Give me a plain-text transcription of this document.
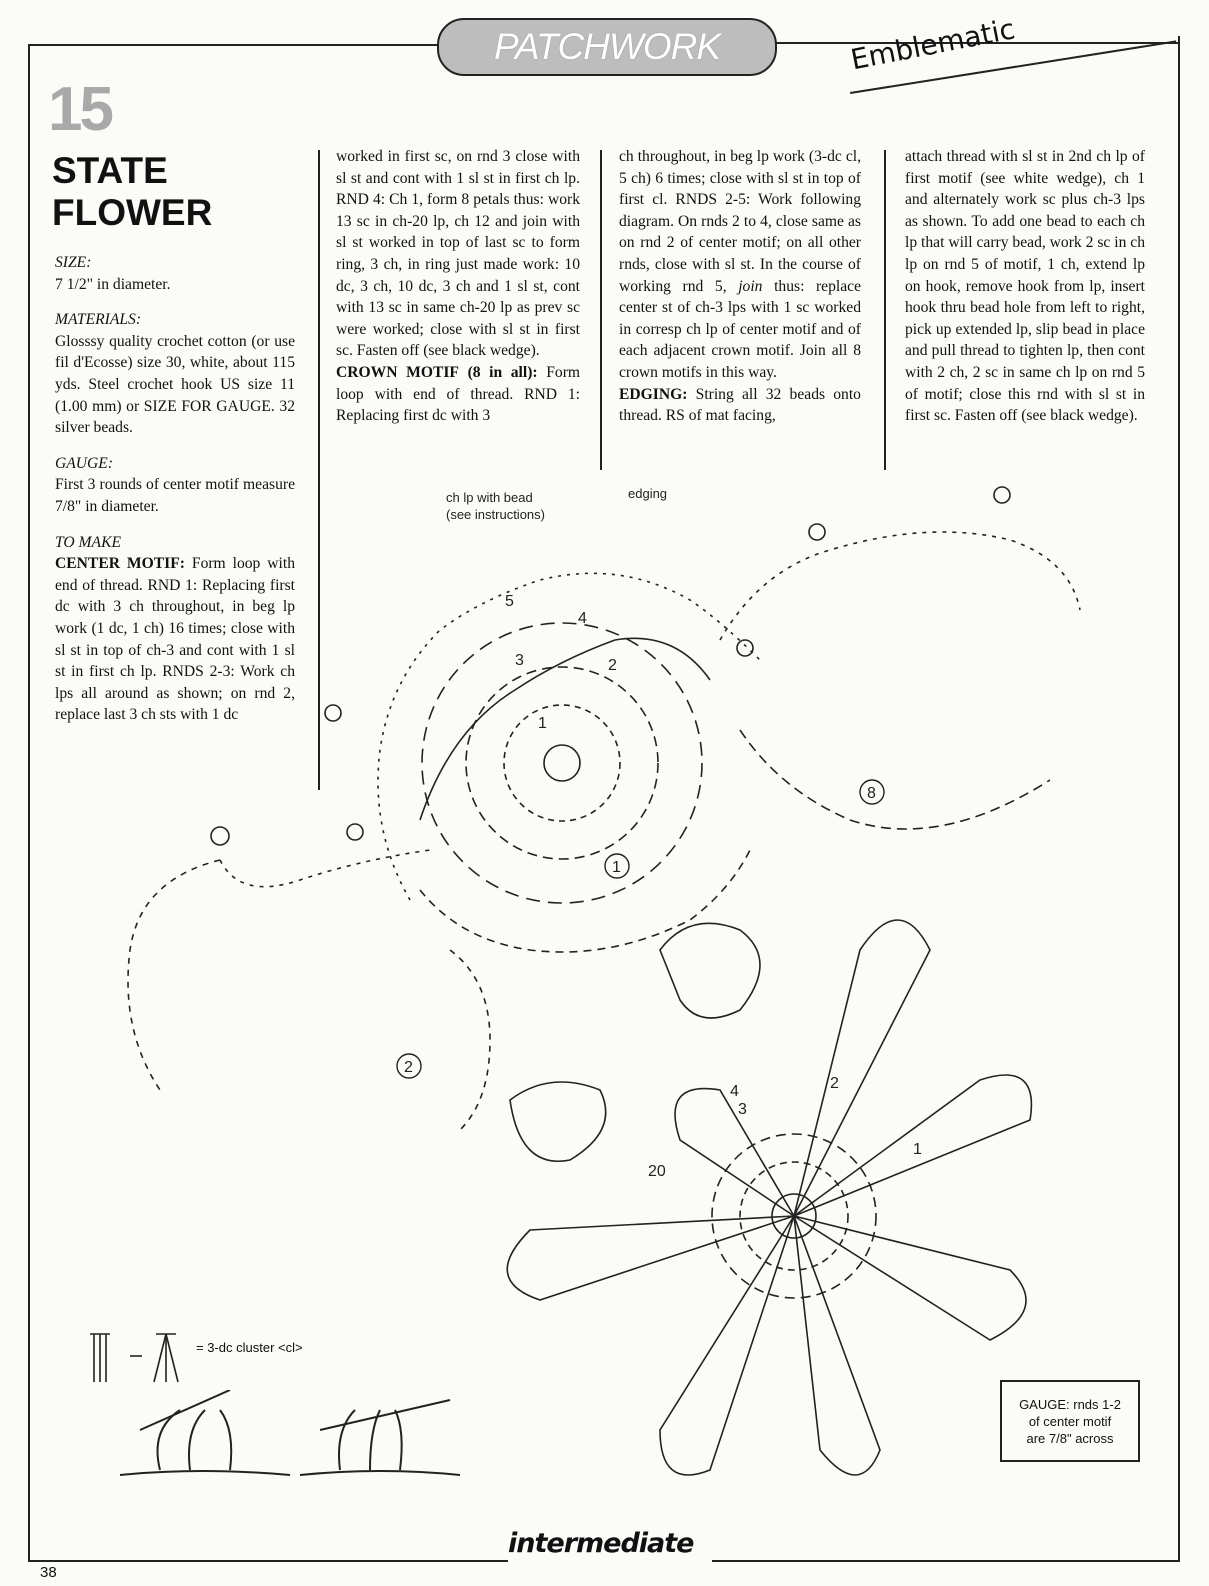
PATCHWORK	Emblematic
15
STATE
FLOWER

SIZE:

7 1/2" in diameter.

MATERIALS:

Glosssy quality crochet cotton (or use fil d'Ecosse) size 30, white, about 115 yds. Steel crochet hook US size 11 (1.00 mm) or SIZE FOR GAUGE. 32 silver beads.

GAUGE:

First 3 rounds of center motif measure 7/8" in diameter.

TO MAKE

CENTER MOTIF: Form loop with end of thread. RND 1: Replacing first dc with 3 ch throughout, in beg lp work (1 dc, 1 ch) 16 times; close with sl st in top of ch-3 and cont with 1 sl st in first ch lp. RNDS 2-3: Work ch lps all around as shown; on rnd 2, replace last 3 ch sts with 1 dc

worked in first sc, on rnd 3 close with sl st and cont with 1 sl st in first ch lp. RND 4: Ch 1, form 8 petals thus: work 13 sc in ch-20 lp, ch 12 and join with sl st worked in top of last sc to form ring, 3 ch, in ring just made work: 10 dc, 3 ch, 10 dc, 3 ch and 1 sl st, cont with 13 sc in same ch-20 lp as prev sc were worked; close with sl st in first sc. Fasten off (see black wedge).

CROWN MOTIF (8 in all): Form loop with end of thread. RND 1: Replacing first dc with 3

ch throughout, in beg lp work (3-dc cl, 5 ch) 6 times; close with sl st in top of first cl. RNDS 2-5: Work following diagram. On rnds 2 to 4, close same as on rnd 2 of center motif; on all other rnds, close with sl st. In the course of working rnd 5, join thus: replace center st of ch-3 lps with 1 sc worked in corresp ch lp of center motif and of each adjacent crown motif. Join all 8 crown motifs in this way.

EDGING: String all 32 beads onto thread. RS of mat facing,

attach thread with sl st in 2nd ch lp of first motif (see white wedge), ch 1 and alternately work sc plus ch-3 lps as shown. To add one bead to each ch lp that will carry bead, work 2 sc in ch lp on rnd 5 of motif, 1 ch, extend lp on hook, remove hook from lp, insert hook thru bead hole from left to right, pick up extended lp, slip bead in place and pull thread to tighten lp, then cont with 2 ch, 2 sc in same ch lp on rnd 5 of motif; close this rnd with sl st in first sc. Fasten off (see black wedge).

5
4
3	2
1
1
2
8
4
3
2
1
20
ch lp with bead
(see instructions)
edging
= 3-dc cluster <cl>
GAUGE: rnds 1-2
of center motif
are 7/8" across
intermediate
38
